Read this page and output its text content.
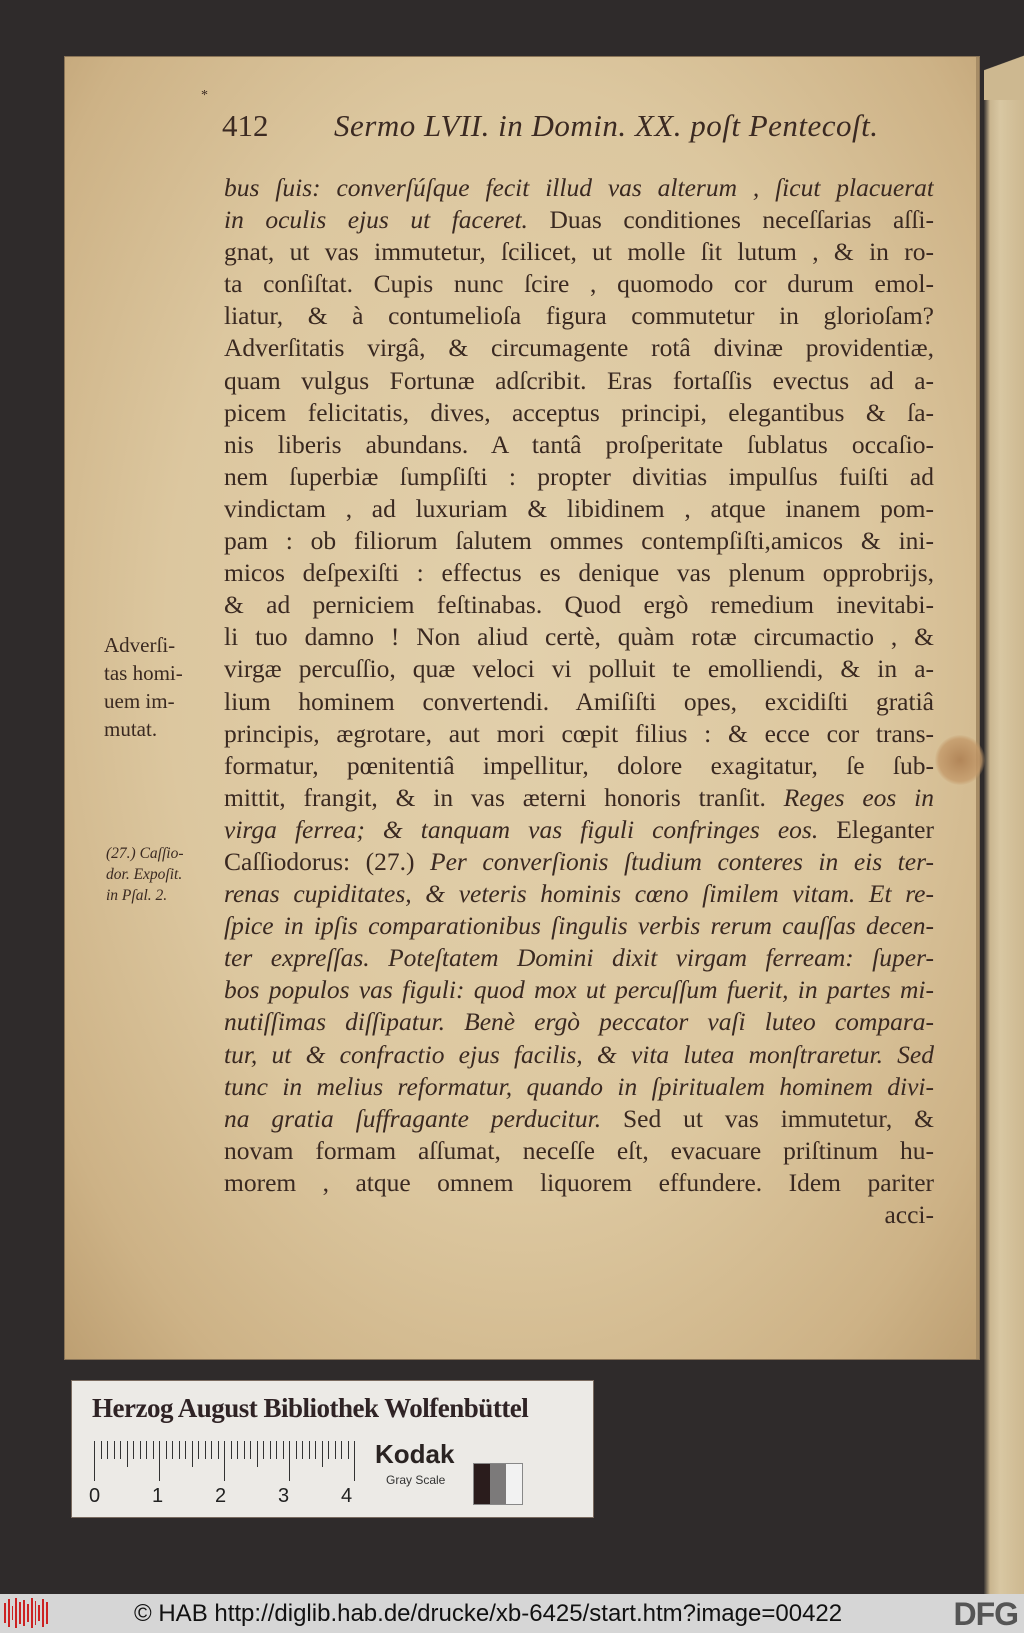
*
412 Sermo LVII. in Domin. XX. poſt Pentecoſt.
bus ſuis: converſúſque fecit illud vas alterum , ſicut placuerat
in oculis ejus ut faceret. Duas conditiones neceſſarias aſſi-
gnat, ut vas immutetur, ſcilicet, ut molle ſit lutum , & in ro-
ta conſiſtat. Cupis nunc ſcire , quomodo cor durum emol-
liatur, & à contumelioſa figura commutetur in glorioſam?
Adverſitatis virgâ, & circumagente rotâ divinæ providentiæ,
quam vulgus Fortunæ adſcribit. Eras fortaſſis evectus ad a-
picem felicitatis, dives, acceptus principi, elegantibus & ſa-
nis liberis abundans. A tantâ proſperitate ſublatus occaſio-
nem ſuperbiæ ſumpſiſti : propter divitias impulſus fuiſti ad
vindictam , ad luxuriam & libidinem , atque inanem pom-
pam : ob filiorum ſalutem ommes contempſiſti,amicos & ini-
micos deſpexiſti : effectus es denique vas plenum opprobrijs,
& ad perniciem feſtinabas. Quod ergò remedium inevitabi-
li tuo damno ! Non aliud certè, quàm rotæ circumactio , &
virgæ percuſſio, quæ veloci vi polluit te emolliendi, & in a-
lium hominem convertendi. Amiſiſti opes, excidiſti gratiâ
principis, ægrotare, aut mori cœpit filius : & ecce cor trans-
formatur, pœnitentiâ impellitur, dolore exagitatur, ſe ſub-
mittit, frangit, & in vas æterni honoris tranſit. Reges eos in
virga ferrea; & tanquam vas figuli confringes eos. Eleganter
Caſſiodorus: (27.) Per converſionis ſtudium conteres in eis ter-
renas cupiditates, & veteris hominis cœno ſimilem vitam. Et re-
ſpice in ipſis comparationibus ſingulis verbis rerum cauſſas decen-
ter expreſſas. Poteſtatem Domini dixit virgam ferream: ſuper-
bos populos vas figuli: quod mox ut percuſſum fuerit, in partes mi-
nutiſſimas diſſipatur. Benè ergò peccator vaſi luteo compara-
tur, ut & confractio ejus facilis, & vita lutea monſtraretur. Sed
tunc in melius reformatur, quando in ſpiritualem hominem divi-
na gratia ſuffragante perducitur. Sed ut vas immutetur, &
novam formam aſſumat, neceſſe eſt, evacuare priſtinum hu-
morem , atque omnem liquorem effundere. Idem pariter
acci-
Adverſi-
tas homi-
uem im-
mutat.
(27.) Caſſio-
dor. Expoſit.
in Pſal. 2.
Herzog August Bibliothek Wolfenbüttel
0	1	2	3	4
Kodak
Gray Scale
© HAB http://diglib.hab.de/drucke/xb-6425/start.htm?image=00422	DFG
